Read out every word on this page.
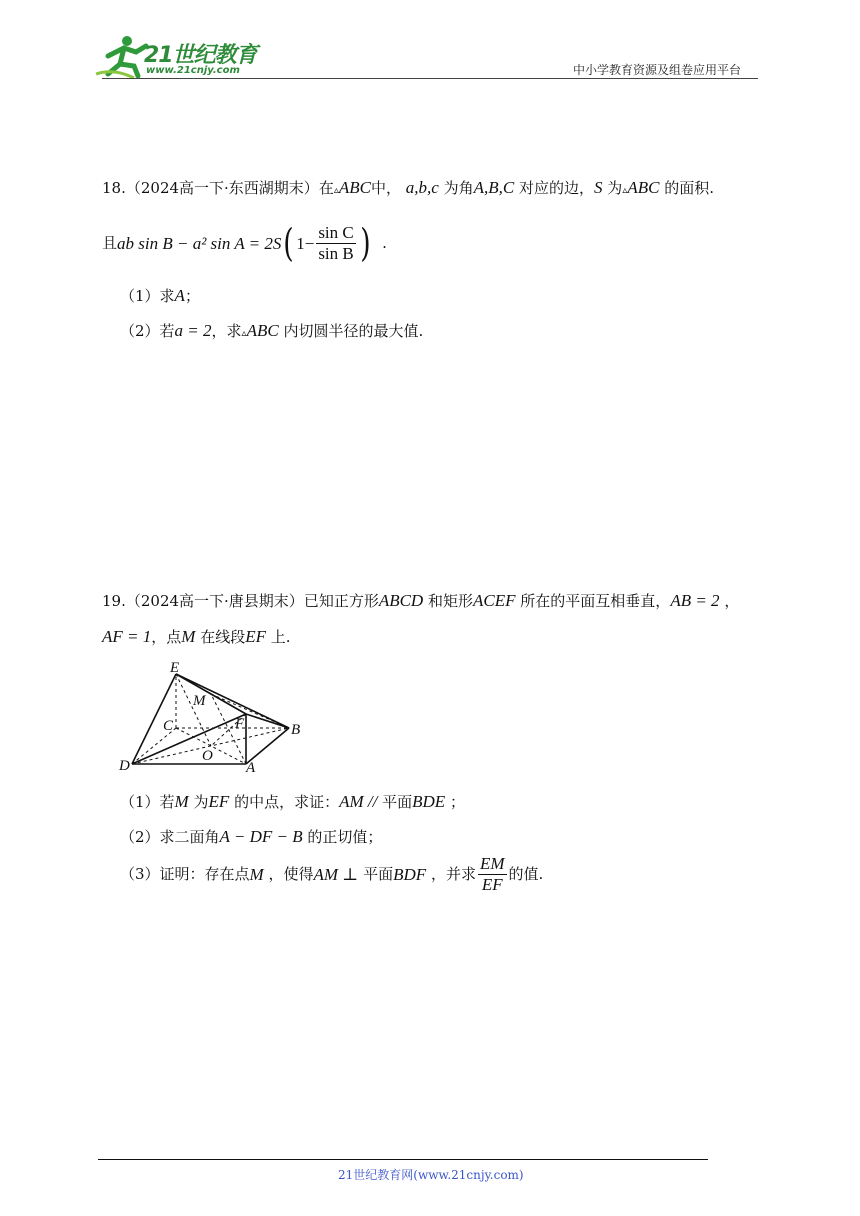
21世纪教育
www.21cnjy.com	中小学教育资源及组卷应用平台
18.（2024高一下·东西湖期末）在▵ABC中， a,b,c 为角A,B,C 对应的边，S 为▵ABC 的面积.
且 ab sin B − a² sin A = 2S ( $1- \frac{\text{sin C}}{\text{sin B}}$ )
.
（1）求A；
（2）若a = 2，求▵ABC 内切圆半径的最大值.
19.（2024高一下·唐县期末）已知正方形ABCD 和矩形ACEF 所在的平面互相垂直，AB = 2 ，
AF = 1，点M 在线段EF 上.
E
M
C	F	B
O
D	A
（1）若M 为EF 的中点，求证：AM // 平面BDE ；
（2）求二面角A − DF − B 的正切值；
（3）证明：存在点 M
，使得 AM ⊥
平面 BDF
，并求 $\frac{EM}{EF}$ 的值.
21世纪教育网(www.21cnjy.com)
